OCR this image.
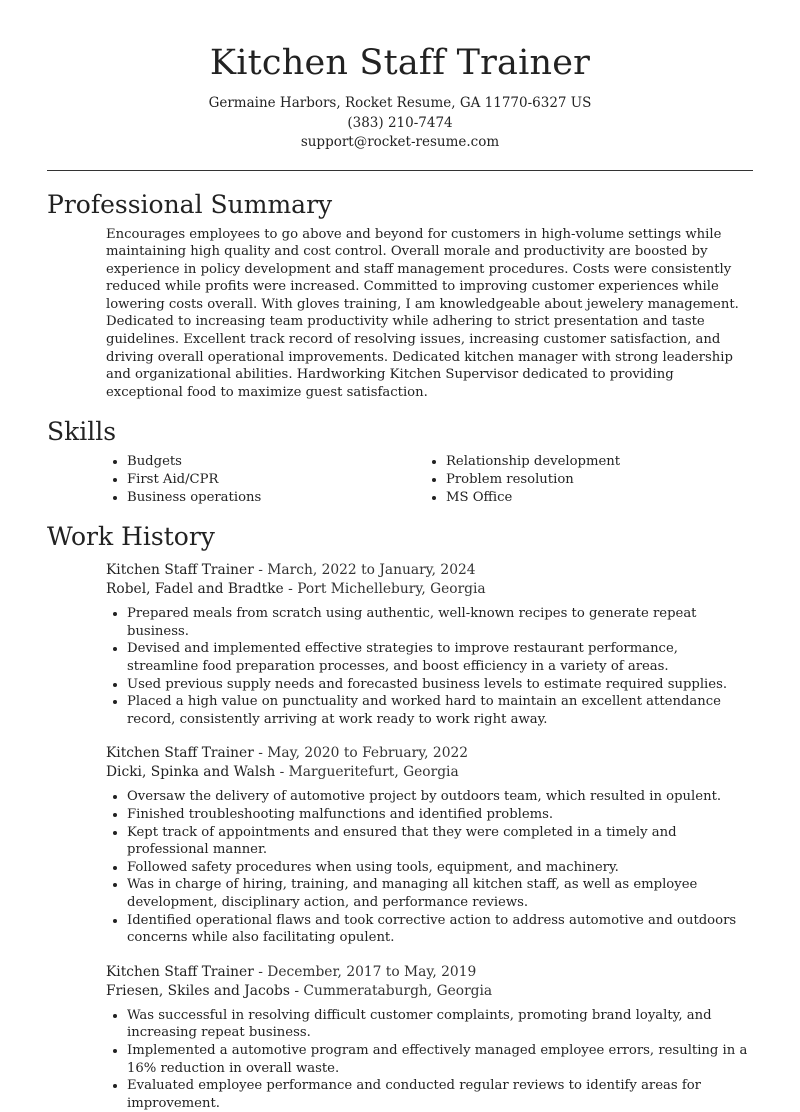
Kitchen Staff Trainer
Germaine Harbors, Rocket Resume, GA 11770-6327 US
(383) 210-7474
support@rocket-resume.com
Professional Summary

Encourages employees to go above and beyond for customers in high-volume settings while maintaining high quality and cost control. Overall morale and productivity are boosted by experience in policy development and staff management procedures. Costs were consistently reduced while profits were increased. Committed to improving customer experiences while lowering costs overall. With gloves training, I am knowledgeable about jewelery management. Dedicated to increasing team productivity while adhering to strict presentation and taste guidelines. Excellent track record of resolving issues, increasing customer satisfaction, and driving overall operational improvements. Dedicated kitchen manager with strong leadership and organizational abilities. Hardworking Kitchen Supervisor dedicated to providing exceptional food to maximize guest satisfaction.

Skills
• Budgets
• First Aid/CPR
• Business operations
• Relationship development
• Problem resolution
• MS Office
Work History
Kitchen Staff Trainer - March, 2022 to January, 2024
Robel, Fadel and Bradtke - Port Michellebury, Georgia
• Prepared meals from scratch using authentic, well-known recipes to generate repeat business.
• Devised and implemented effective strategies to improve restaurant performance, streamline food preparation processes, and boost efficiency in a variety of areas.
• Used previous supply needs and forecasted business levels to estimate required supplies.
• Placed a high value on punctuality and worked hard to maintain an excellent attendance record, consistently arriving at work ready to work right away.
Kitchen Staff Trainer - May, 2020 to February, 2022
Dicki, Spinka and Walsh - Margueritefurt, Georgia
• Oversaw the delivery of automotive project by outdoors team, which resulted in opulent.
• Finished troubleshooting malfunctions and identified problems.
• Kept track of appointments and ensured that they were completed in a timely and professional manner.
• Followed safety procedures when using tools, equipment, and machinery.
• Was in charge of hiring, training, and managing all kitchen staff, as well as employee development, disciplinary action, and performance reviews.
• Identified operational flaws and took corrective action to address automotive and outdoors concerns while also facilitating opulent.
Kitchen Staff Trainer - December, 2017 to May, 2019
Friesen, Skiles and Jacobs - Cummerataburgh, Georgia
• Was successful in resolving difficult customer complaints, promoting brand loyalty, and increasing repeat business.
• Implemented a automotive program and effectively managed employee errors, resulting in a 16% reduction in overall waste.
• Evaluated employee performance and conducted regular reviews to identify areas for improvement.
